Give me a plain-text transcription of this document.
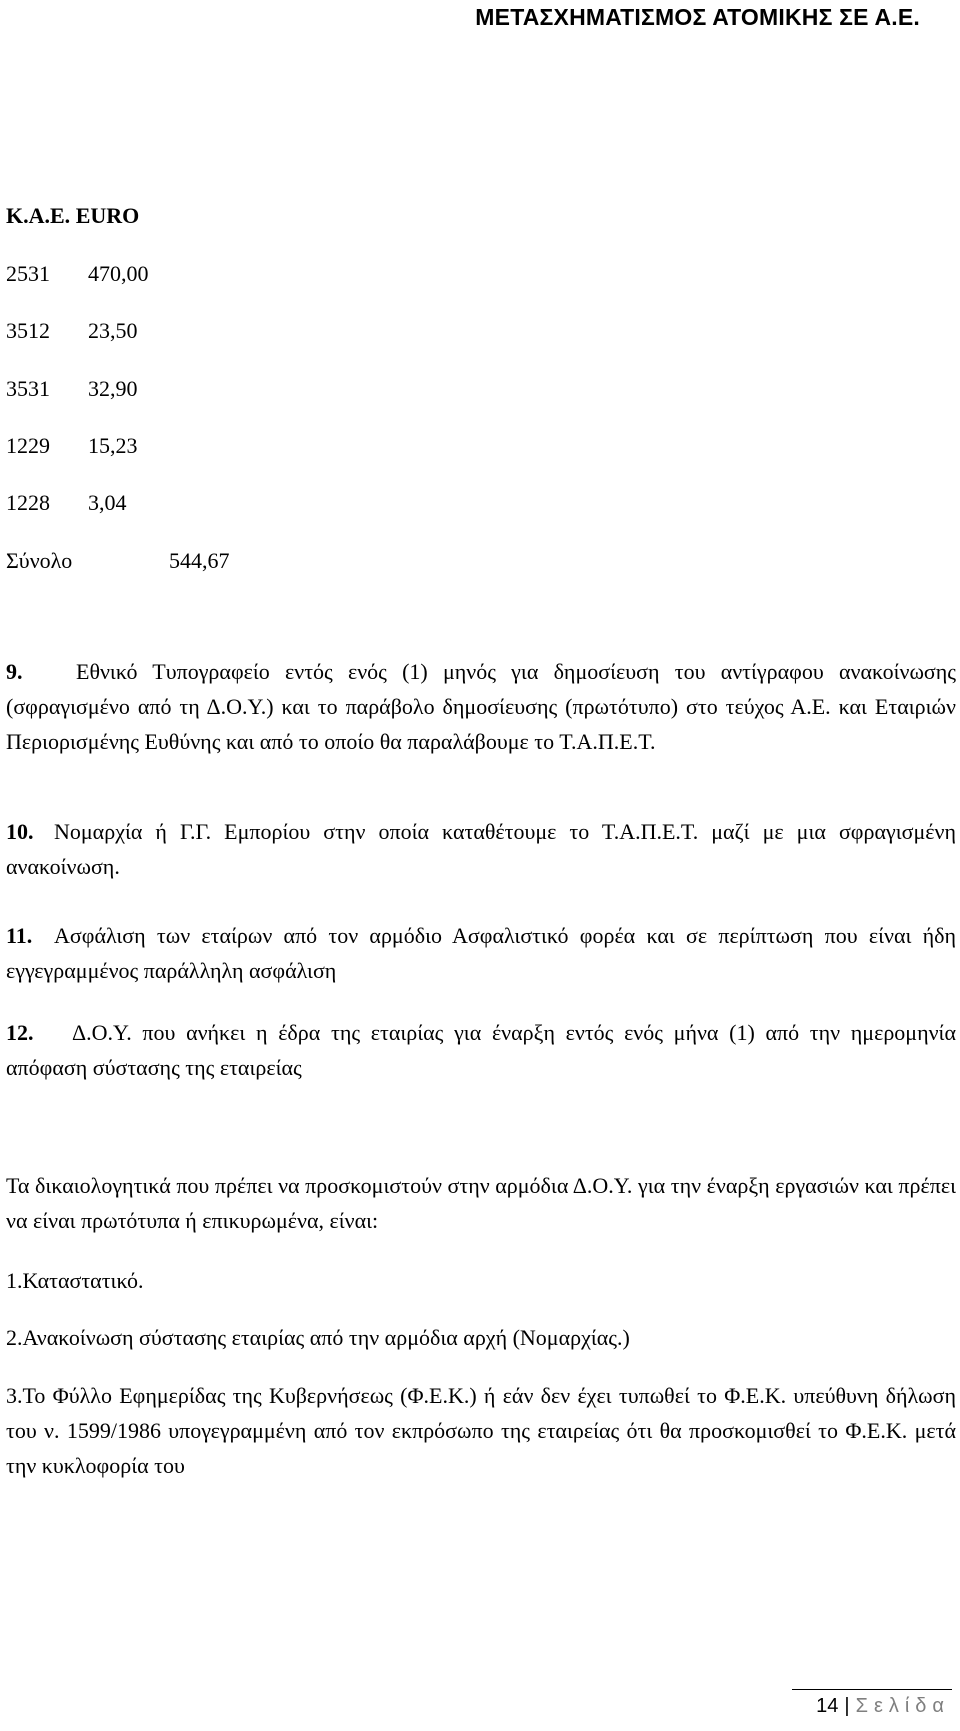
ΜΕΤΑΣΧΗΜΑΤΙΣΜΟΣ ΑΤΟΜΙΚΗΣ ΣΕ Α.Ε.
Κ.Α.Ε. EURO
2531 470,00
3512 23,50
3531 32,90
1229 15,23
1228 3,04
Σύνολο	544,67
9. Εθνικό Τυπογραφείο εντός ενός (1) μηνός για δημοσίευση του αντίγραφου ανακοίνωσης (σφραγισμένο από τη Δ.Ο.Υ.) και το παράβολο δημοσίευσης (πρωτότυπο) στο τεύχος Α.Ε. και Εταιριών Περιορισμένης Ευθύνης και από το οποίο θα παραλάβουμε το Τ.Α.Π.Ε.Τ.
10. Νομαρχία ή Γ.Γ. Εμπορίου στην οποία καταθέτουμε το Τ.Α.Π.Ε.Τ. μαζί με μια σφραγισμένη ανακοίνωση.
11. Ασφάλιση των εταίρων από τον αρμόδιο Ασφαλιστικό φορέα και σε περίπτωση που είναι ήδη εγγεγραμμένος παράλληλη ασφάλιση
12. Δ.Ο.Υ. που ανήκει η έδρα της εταιρίας για έναρξη εντός ενός μήνα (1) από την ημερομηνία απόφαση σύστασης της εταιρείας
Τα δικαιολογητικά που πρέπει να προσκομιστούν στην αρμόδια Δ.Ο.Υ. για την έναρξη εργασιών και πρέπει να είναι πρωτότυπα ή επικυρωμένα, είναι:
1.Καταστατικό.
2.Ανακοίνωση σύστασης εταιρίας από την αρμόδια αρχή (Νομαρχίας.)
3.Το Φύλλο Εφημερίδας της Κυβερνήσεως (Φ.Ε.Κ.) ή εάν δεν έχει τυπωθεί το Φ.Ε.Κ. υπεύθυνη δήλωση του ν. 1599/1986 υπογεγραμμένη από τον εκπρόσωπο της εταιρείας ότι θα προσκομισθεί το Φ.Ε.Κ. μετά την κυκλοφορία του
14 | Σελίδα
